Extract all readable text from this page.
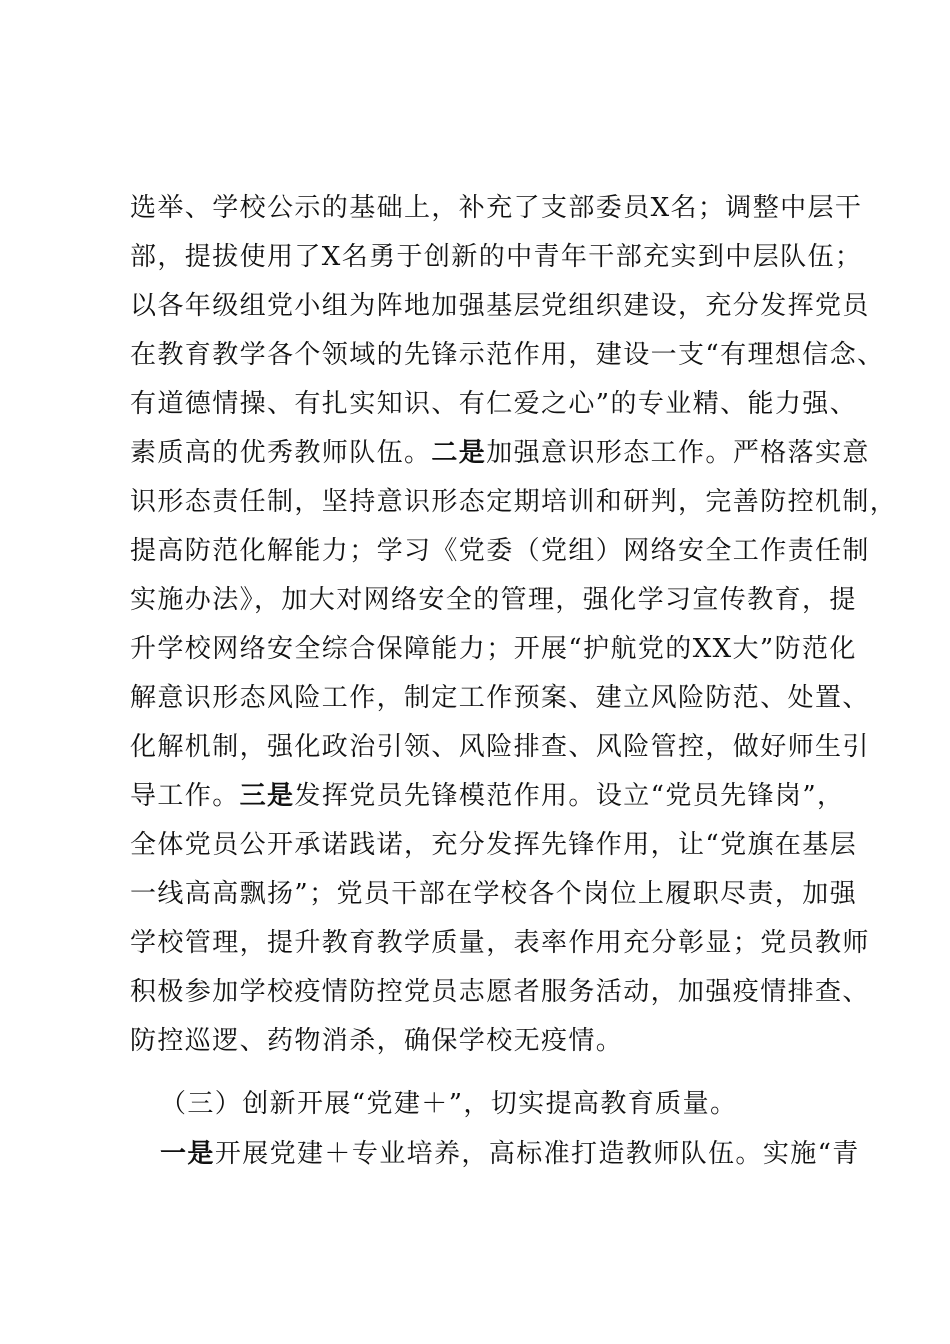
选举、学校公示的基础上，补充了支部委员X名；调整中层干
部，提拔使用了X名勇于创新的中青年干部充实到中层队伍；
以各年级组党小组为阵地加强基层党组织建设，充分发挥党员
在教育教学各个领域的先锋示范作用，建设一支“有理想信念、
有道德情操、有扎实知识、有仁爱之心”的专业精、能力强、
素质高的优秀教师队伍。二是加强意识形态工作。严格落实意
识形态责任制，坚持意识形态定期培训和研判，完善防控机制，
提高防范化解能力；学习《党委（党组）网络安全工作责任制
实施办法》，加大对网络安全的管理，强化学习宣传教育，提
升学校网络安全综合保障能力；开展“护航党的XX大”防范化
解意识形态风险工作，制定工作预案、建立风险防范、处置、
化解机制，强化政治引领、风险排查、风险管控，做好师生引
导工作。三是发挥党员先锋模范作用。设立“党员先锋岗”，
全体党员公开承诺践诺，充分发挥先锋作用，让“党旗在基层
一线高高飘扬”；党员干部在学校各个岗位上履职尽责，加强
学校管理，提升教育教学质量，表率作用充分彰显；党员教师
积极参加学校疫情防控党员志愿者服务活动，加强疫情排查、
防控巡逻、药物消杀，确保学校无疫情。
（三）创新开展“党建＋”，切实提高教育质量。
一是开展党建＋专业培养，高标准打造教师队伍。实施“青
